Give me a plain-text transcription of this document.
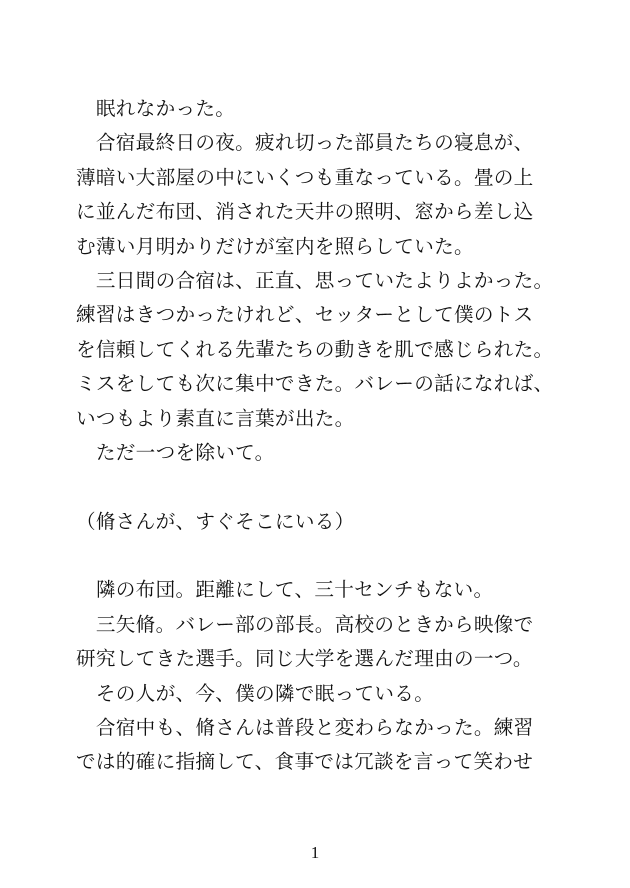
　眠れなかった。
　合宿最終日の夜。疲れ切った部員たちの寝息が、
薄暗い大部屋の中にいくつも重なっている。畳の上
に並んだ布団、消された天井の照明、窓から差し込
む薄い月明かりだけが室内を照らしていた。
　三日間の合宿は、正直、思っていたよりよかった。
練習はきつかったけれど、セッターとして僕のトス
を信頼してくれる先輩たちの動きを肌で感じられた。
ミスをしても次に集中できた。バレーの話になれば、
いつもより素直に言葉が出た。
　ただ一つを除いて。
（脩さんが、すぐそこにいる）
　隣の布団。距離にして、三十センチもない。
　三矢脩。バレー部の部長。高校のときから映像で
研究してきた選手。同じ大学を選んだ理由の一つ。
　その人が、今、僕の隣で眠っている。
　合宿中も、脩さんは普段と変わらなかった。練習
では的確に指摘して、食事では冗談を言って笑わせ
1
